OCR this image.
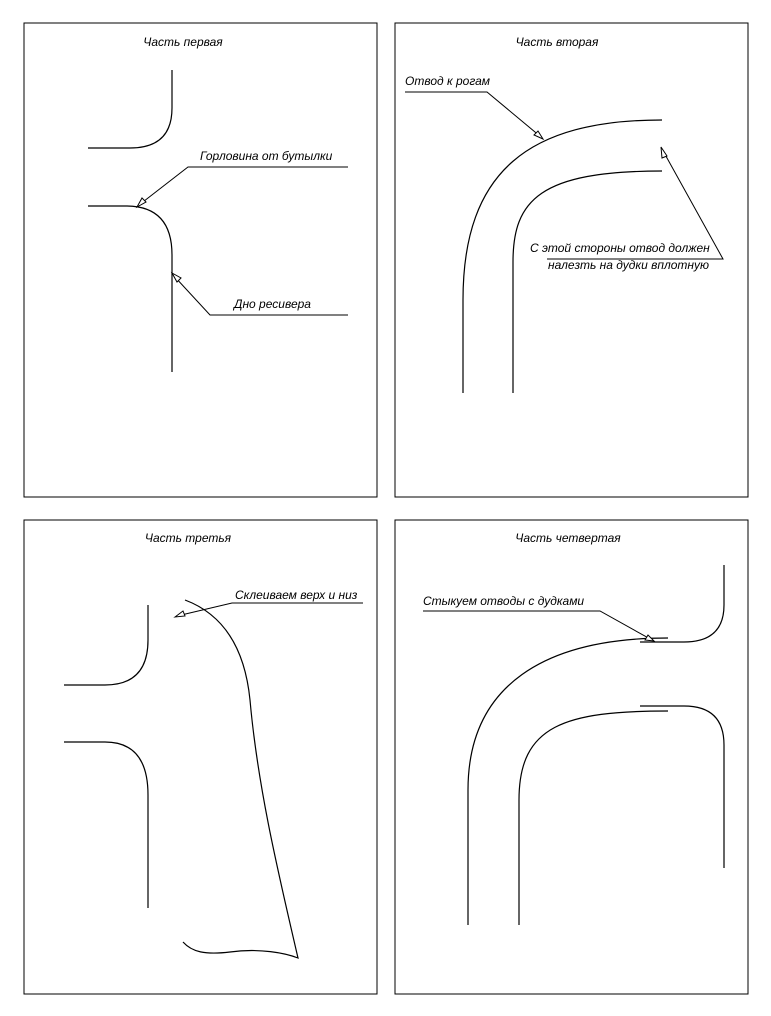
Часть первая
Горловина от бутылки
Дно ресивера
Часть вторая
Отвод к рогам
С этой стороны отвод должен
налезть на дудки вплотную
Часть третья
Склеиваем верх и низ
Часть четвертая
Стыкуем отводы с дудками
